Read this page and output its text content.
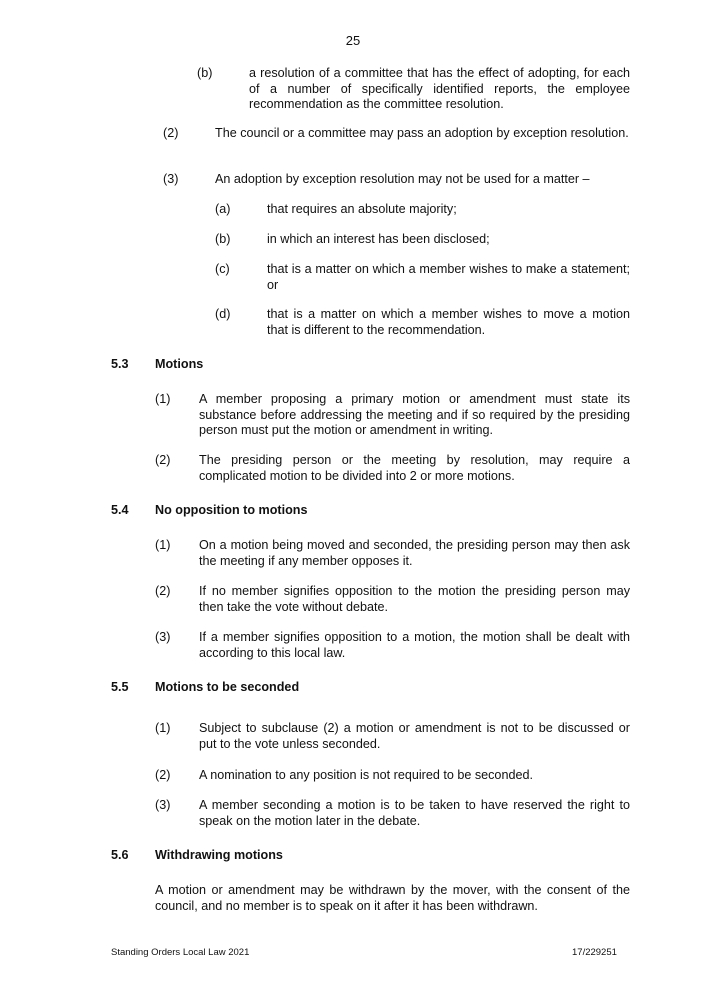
25
(b)	a resolution of a committee that has the effect of adopting, for each of a number of specifically identified reports, the employee recommendation as the committee resolution.
(2)	The council or a committee may pass an adoption by exception resolution.
(3)	An adoption by exception resolution may not be used for a matter –
(a)	that requires an absolute majority;
(b)	in which an interest has been disclosed;
(c)	that is a matter on which a member wishes to make a statement; or
(d)	that is a matter on which a member wishes to move a motion that is different to the recommendation.
5.3 Motions
(1) A member proposing a primary motion or amendment must state its substance before addressing the meeting and if so required by the presiding person must put the motion or amendment in writing.
(2) The presiding person or the meeting by resolution, may require a complicated motion to be divided into 2 or more motions.
5.4 No opposition to motions
(1) On a motion being moved and seconded, the presiding person may then ask the meeting if any member opposes it.
(2) If no member signifies opposition to the motion the presiding person may then take the vote without debate.
(3) If a member signifies opposition to a motion, the motion shall be dealt with according to this local law.
5.5 Motions to be seconded
(1) Subject to subclause (2) a motion or amendment is not to be discussed or put to the vote unless seconded.
(2) A nomination to any position is not required to be seconded.
(3) A member seconding a motion is to be taken to have reserved the right to speak on the motion later in the debate.
5.6 Withdrawing motions
A motion or amendment may be withdrawn by the mover, with the consent of the council, and no member is to speak on it after it has been withdrawn.
Standing Orders Local Law 2021	17/229251
